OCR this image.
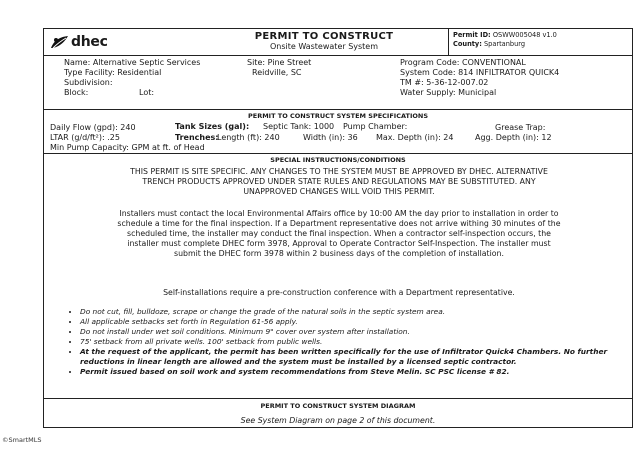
dhec	PERMIT TO CONSTRUCT
Onsite Wastewater System
Permit ID: OSWW005048 v1.0
County: Spartanburg
Name: Alternative Septic Services
Type Facility: Residential
Subdivision:
Block:	Lot:
Site: Pine Street
Reidville, SC
Program Code: CONVENTIONAL
System Code: 814 INFILTRATOR QUICK4
TM #: 5-36-12-007.02
Water Supply: Municipal
PERMIT TO CONSTRUCT SYSTEM SPECIFICATIONS
Daily Flow (gpd): 240	Tank Sizes (gal): Septic Tank: 1000 Pump Chamber:	Grease Trap:
LTAR (g/d/ft²): .25	Trenches:
Length (ft): 240	Width (in): 36 Max. Depth (in): 24	Agg. Depth (in): 12
Min Pump Capacity: GPM at ft. of Head
SPECIAL INSTRUCTIONS/CONDITIONS
THIS PERMIT IS SITE SPECIFIC. ANY CHANGES TO THE SYSTEM MUST BE APPROVED BY DHEC. ALTERNATIVE
TRENCH PRODUCTS APPROVED UNDER STATE RULES AND REGULATIONS MAY BE SUBSTITUTED. ANY
UNAPPROVED CHANGES WILL VOID THIS PERMIT.
Installers must contact the local Environmental Affairs office by 10:00 AM the day prior to installation in order to
schedule a time for the final inspection. If a Department representative does not arrive withing 30 minutes of the
scheduled time, the installer may conduct the final inspection. When a contractor self-inspection occurs, the
installer must complete DHEC form 3978, Approval to Operate Contractor Self-Inspection. The installer must
submit the DHEC form 3978 within 2 business days of the completion of installation.
Self-installations require a pre-construction conference with a Department representative.
• Do not cut, fill, bulldoze, scrape or change the grade of the natural soils in the septic system area.
• All applicable setbacks set forth in Regulation 61-56 apply.
• Do not install under wet soil conditions. Minimum 9" cover over system after installation.
• 75' setback from all private wells. 100' setback from public wells.
• At the request of the applicant, the permit has been written specifically for the use of Infiltrator Quick4 Chambers. No further reductions in linear length are allowed and the system must be installed by a licensed septic contractor.
• Permit issued based on soil work and system recommendations from Steve Melin. SC PSC license # 82.
PERMIT TO CONSTRUCT SYSTEM DIAGRAM
See System Diagram on page 2 of this document.
©SmartMLS
